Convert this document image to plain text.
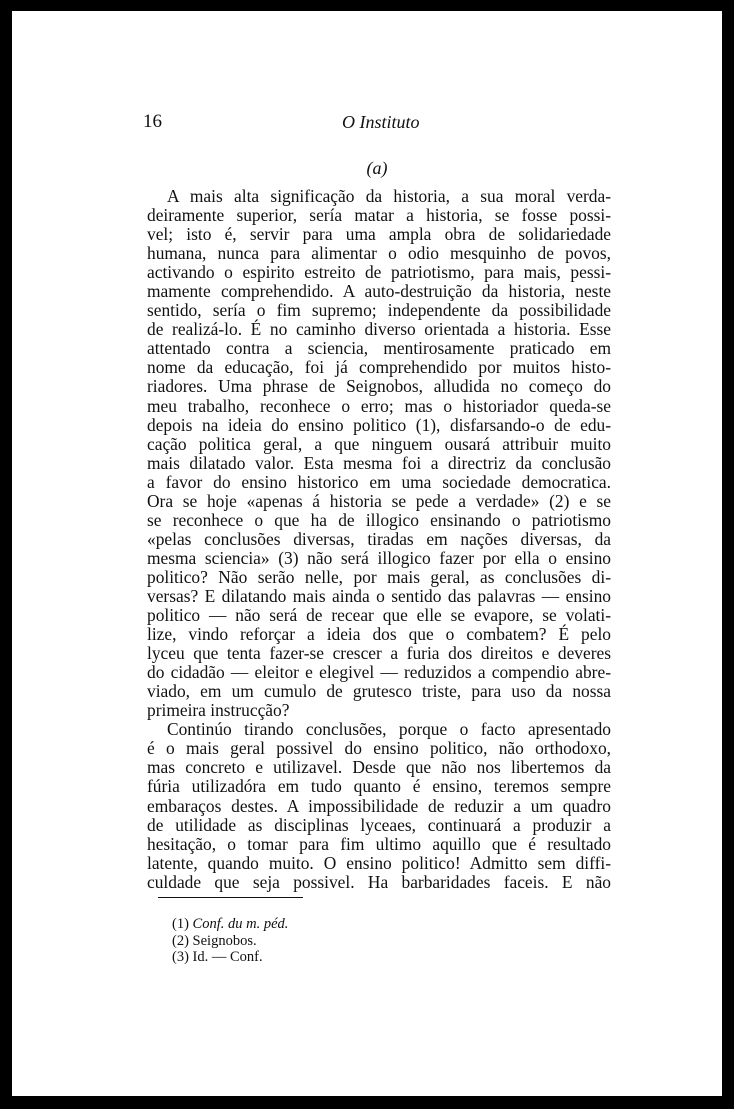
16	O Instituto
(a)
A mais alta significação da historia, a sua moral verda-
deiramente superior, sería matar a historia, se fosse possi-
vel; isto é, servir para uma ampla obra de solidariedade
humana, nunca para alimentar o odio mesquinho de povos,
activando o espirito estreito de patriotismo, para mais, pessi-
mamente comprehendido. A auto-destruição da historia, neste
sentido, sería o fim supremo; independente da possibilidade
de realizá-lo. É no caminho diverso orientada a historia. Esse
attentado contra a sciencia, mentirosamente praticado em
nome da educação, foi já comprehendido por muitos histo-
riadores. Uma phrase de Seignobos, alludida no começo do
meu trabalho, reconhece o erro; mas o historiador queda-se
depois na ideia do ensino politico (1), disfarsando-o de edu-
cação politica geral, a que ninguem ousará attribuir muito
mais dilatado valor. Esta mesma foi a directriz da conclusão
a favor do ensino historico em uma sociedade democratica.
Ora se hoje «apenas á historia se pede a verdade» (2) e se
se reconhece o que ha de illogico ensinando o patriotismo
«pelas conclusões diversas, tiradas em nações diversas, da
mesma sciencia» (3) não será illogico fazer por ella o ensino
politico? Não serão nelle, por mais geral, as conclusões di-
versas? E dilatando mais ainda o sentido das palavras — ensino
politico — não será de recear que elle se evapore, se volati-
lize, vindo reforçar a ideia dos que o combatem? É pelo
lyceu que tenta fazer-se crescer a furia dos direitos e deveres
do cidadão — eleitor e elegivel — reduzidos a compendio abre-
viado, em um cumulo de grutesco triste, para uso da nossa
primeira instrucção?
Continúo tirando conclusões, porque o facto apresentado
é o mais geral possivel do ensino politico, não orthodoxo,
mas concreto e utilizavel. Desde que não nos libertemos da
fúria utilizadóra em tudo quanto é ensino, teremos sempre
embaraços destes. A impossibilidade de reduzir a um quadro
de utilidade as disciplinas lyceaes, continuará a produzir a
hesitação, o tomar para fim ultimo aquillo que é resultado
latente, quando muito. O ensino politico! Admitto sem diffi-
culdade que seja possivel. Ha barbaridades faceis. E não
(1) Conf. du m. péd.
(2) Seignobos.
(3) Id. — Conf.
